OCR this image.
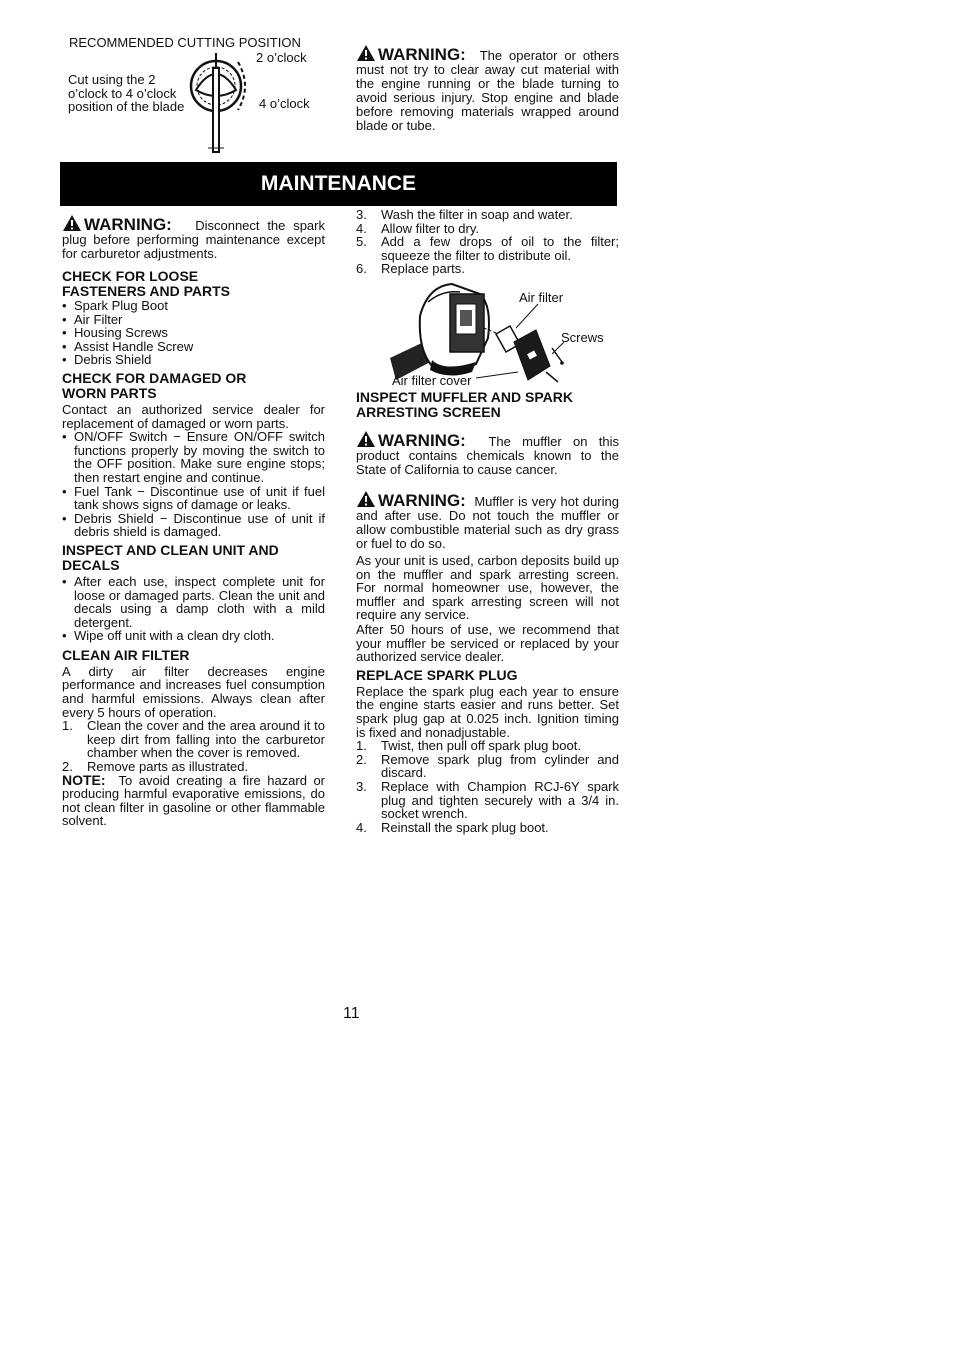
RECOMMENDED CUTTING POSITION
Cut using the 2 o’clock to 4 o’clock position of the blade
2 o’clock
4 o’clock
WARNING: The operator or others must not try to clear away cut material with the engine running or the blade turning to avoid serious injury. Stop engine and blade before removing materials wrapped around blade or tube.
MAINTENANCE

WARNING: Disconnect the spark plug before performing maintenance except for carburetor adjustments.

CHECK FOR LOOSE FASTENERS AND PARTS
• Spark Plug Boot
• Air Filter
• Housing Screws
• Assist Handle Screw
• Debris Shield
CHECK FOR DAMAGED OR WORN PARTS

Contact an authorized service dealer for replacement of damaged or worn parts.

• ON/OFF Switch − Ensure ON/OFF switch functions properly by moving the switch to the OFF position. Make sure engine stops; then restart engine and continue.
• Fuel Tank − Discontinue use of unit if fuel tank shows signs of damage or leaks.
• Debris Shield − Discontinue use of unit if debris shield is damaged.
INSPECT AND CLEAN UNIT AND DECALS
• After each use, inspect complete unit for loose or damaged parts. Clean the unit and decals using a damp cloth with a mild detergent.
• Wipe off unit with a clean dry cloth.
CLEAN AIR FILTER

A dirty air filter decreases engine performance and increases fuel consumption and harmful emissions. Always clean after every 5 hours of operation.

1.	Clean the cover and the area around it to keep dirt from falling into the carburetor chamber when the cover is removed.
2.	Remove parts as illustrated.

NOTE: To avoid creating a fire hazard or producing harmful evaporative emissions, do not clean filter in gasoline or other flammable solvent.

3.	Wash the filter in soap and water.
4.	Allow filter to dry.
5.	Add a few drops of oil to the filter; squeeze the filter to distribute oil.
6.	Replace parts.
Air filter
Screws
Air filter cover
INSPECT MUFFLER AND SPARK ARRESTING SCREEN

WARNING: The muffler on this product contains chemicals known to the State of California to cause cancer.

WARNING: Muffler is very hot during and after use. Do not touch the muffler or allow combustible material such as dry grass or fuel to do so.

As your unit is used, carbon deposits build up on the muffler and spark arresting screen. For normal homeowner use, however, the muffler and spark arresting screen will not require any service.

After 50 hours of use, we recommend that your muffler be serviced or replaced by your authorized service dealer.

REPLACE SPARK PLUG

Replace the spark plug each year to ensure the engine starts easier and runs better. Set spark plug gap at 0.025 inch. Ignition timing is fixed and nonadjustable.

1.	Twist, then pull off spark plug boot.
2.	Remove spark plug from cylinder and discard.
3.	Replace with Champion RCJ-6Y spark plug and tighten securely with a 3/4 in. socket wrench.
4.	Reinstall the spark plug boot.
11
